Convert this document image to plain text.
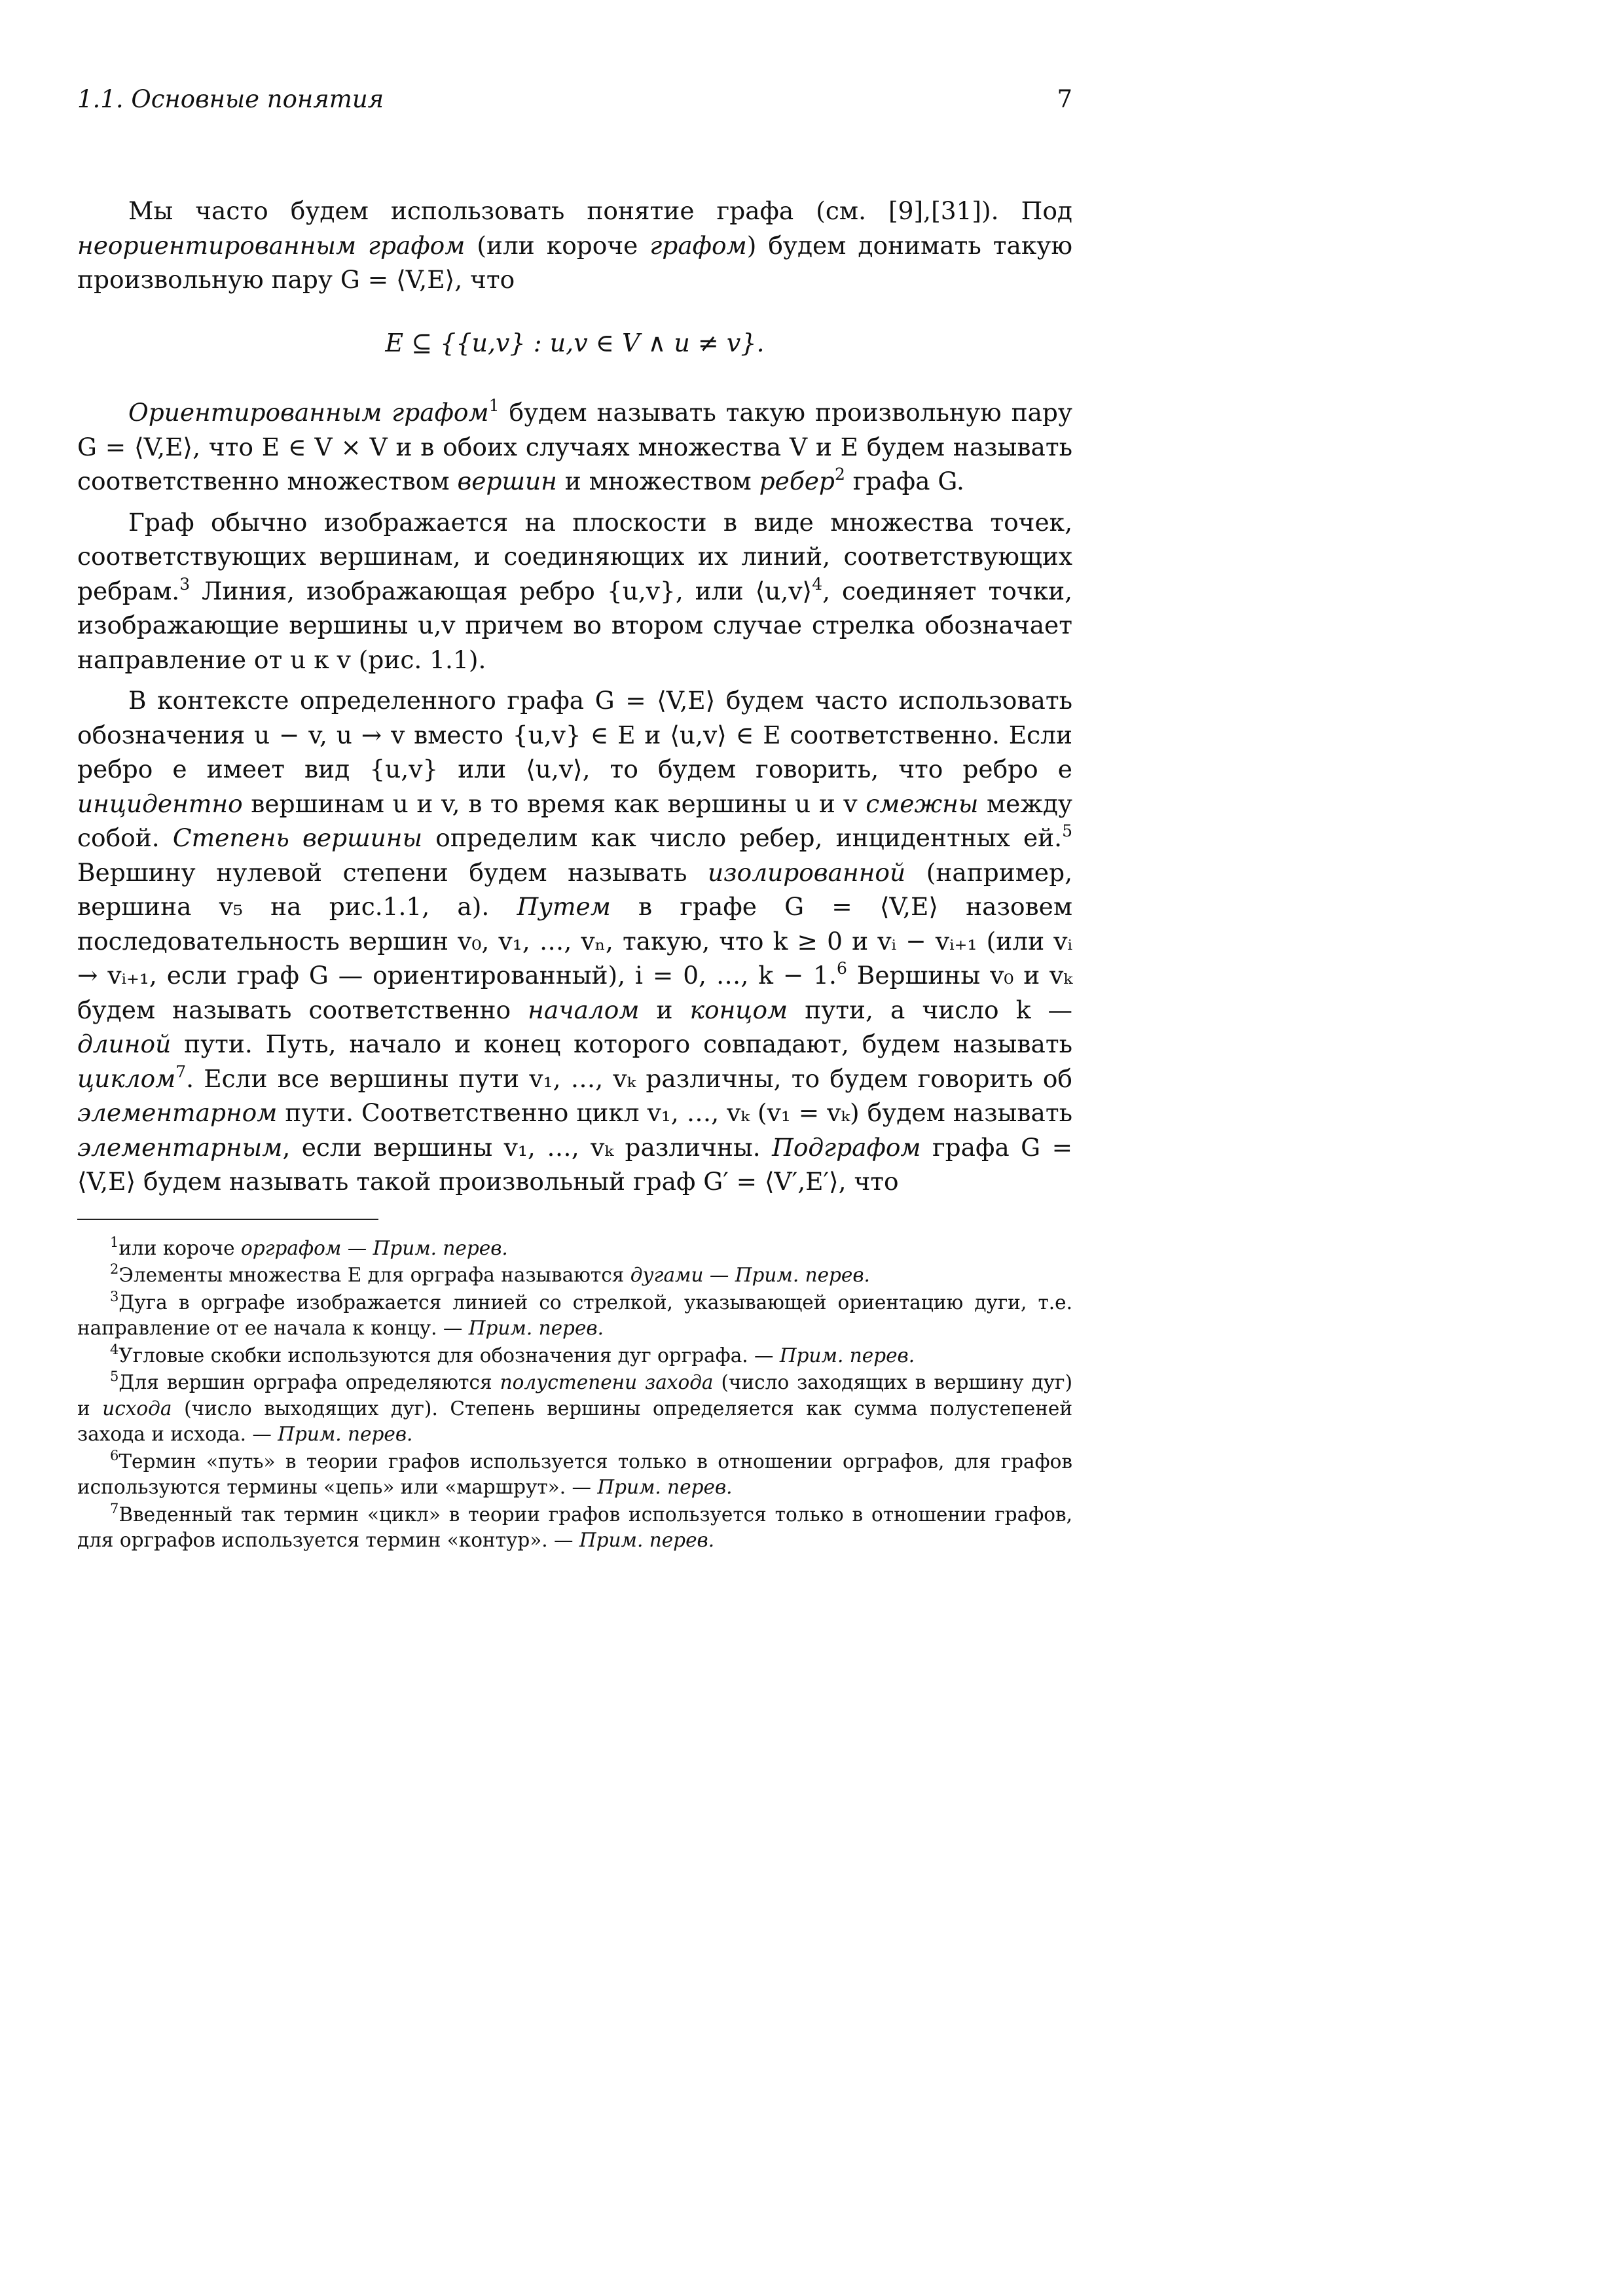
1.1. Основные понятия	7

Мы часто будем использовать понятие графа (см. [9],[31]). Под неориентированным графом (или короче графом) будем донимать такую произвольную пару G = ⟨V,E⟩, что

E ⊆ {{u,v} : u,v ∈ V ∧ u ≠ v}.

Ориентированным графом$^1$ будем называть такую произвольную пару G = ⟨V,E⟩, что E ∈ V × V и в обоих случаях множества V и E будем называть соответственно множеством вершин и множеством ребер$^2$ графа G.

Граф обычно изображается на плоскости в виде множества точек, соответствующих вершинам, и соединяющих их линий, соответствующих ребрам.$^3$ Линия, изображающая ребро {u,v}, или ⟨u,v⟩$^4$, соединяет точки, изображающие вершины u,v причем во втором случае стрелка обозначает направление от u к v (рис. 1.1).

В контексте определенного графа G = ⟨V,E⟩ будем часто использовать обозначения u − v, u → v вместо {u,v} ∈ E и ⟨u,v⟩ ∈ E соответственно. Если ребро e имеет вид {u,v} или ⟨u,v⟩, то будем говорить, что ребро e инцидентно вершинам u и v, в то время как вершины u и v смежны между собой. Степень вершины определим как число ребер, инцидентных ей.$^5$ Вершину нулевой степени будем называть изолированной (например, вершина v₅ на рис.1.1, а). Путем в графе G = ⟨V,E⟩ назовем последовательность вершин v₀, v₁, …, vₙ, такую, что k ≥ 0 и vᵢ − vᵢ₊₁ (или vᵢ → vᵢ₊₁, если граф G — ориентированный), i = 0, …, k − 1.$^6$ Вершины v₀ и vₖ будем называть соответственно началом и концом пути, а число k — длиной пути. Путь, начало и конец которого совпадают, будем называть циклом$^7$. Если все вершины пути v₁, …, vₖ различны, то будем говорить об элементарном пути. Соответственно цикл v₁, …, vₖ (v₁ = vₖ) будем называть элементарным, если вершины v₁, …, vₖ различны. Подграфом графа G = ⟨V,E⟩ будем называть такой произвольный граф G′ = ⟨V′,E′⟩, что

$^1$или короче орграфом — Прим. перев.

$^2$Элементы множества E для орграфа называются дугами — Прим. перев.

$^3$Дуга в орграфе изображается линией со стрелкой, указывающей ориентацию дуги, т.е. направление от ее начала к концу. — Прим. перев.

$^4$Угловые скобки используются для обозначения дуг орграфа. — Прим. перев.

$^5$Для вершин орграфа определяются полустепени захода (число заходящих в вершину дуг) и исхода (число выходящих дуг). Степень вершины определяется как сумма полустепеней захода и исхода. — Прим. перев.

$^6$Термин «путь» в теории графов используется только в отношении орграфов, для графов используются термины «цепь» или «маршрут». — Прим. перев.

$^7$Введенный так термин «цикл» в теории графов используется только в отношении графов, для орграфов используется термин «контур». — Прим. перев.
